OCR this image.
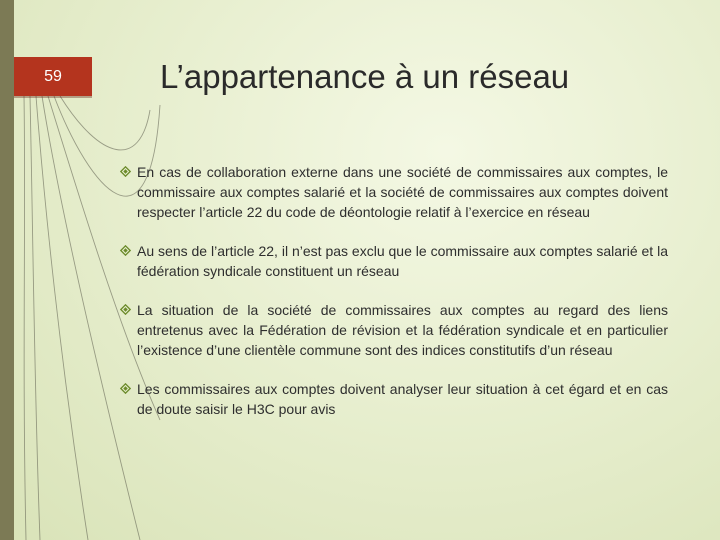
59	L’appartenance à un réseau
En cas de collaboration externe dans une société de commissaires aux comptes, le commissaire aux comptes salarié et la société de commissaires aux comptes doivent respecter l’article 22 du code de déontologie relatif à l’exercice en réseau
Au sens de l’article 22, il n’est pas exclu que le commissaire aux comptes salarié et la fédération syndicale constituent un réseau
La situation de la société de commissaires aux comptes au regard des liens entretenus avec la Fédération de révision et la fédération syndicale et en particulier l’existence d’une clientèle commune sont des indices constitutifs d’un réseau
Les commissaires aux comptes doivent analyser leur situation à cet égard et en cas de doute saisir le H3C pour avis
